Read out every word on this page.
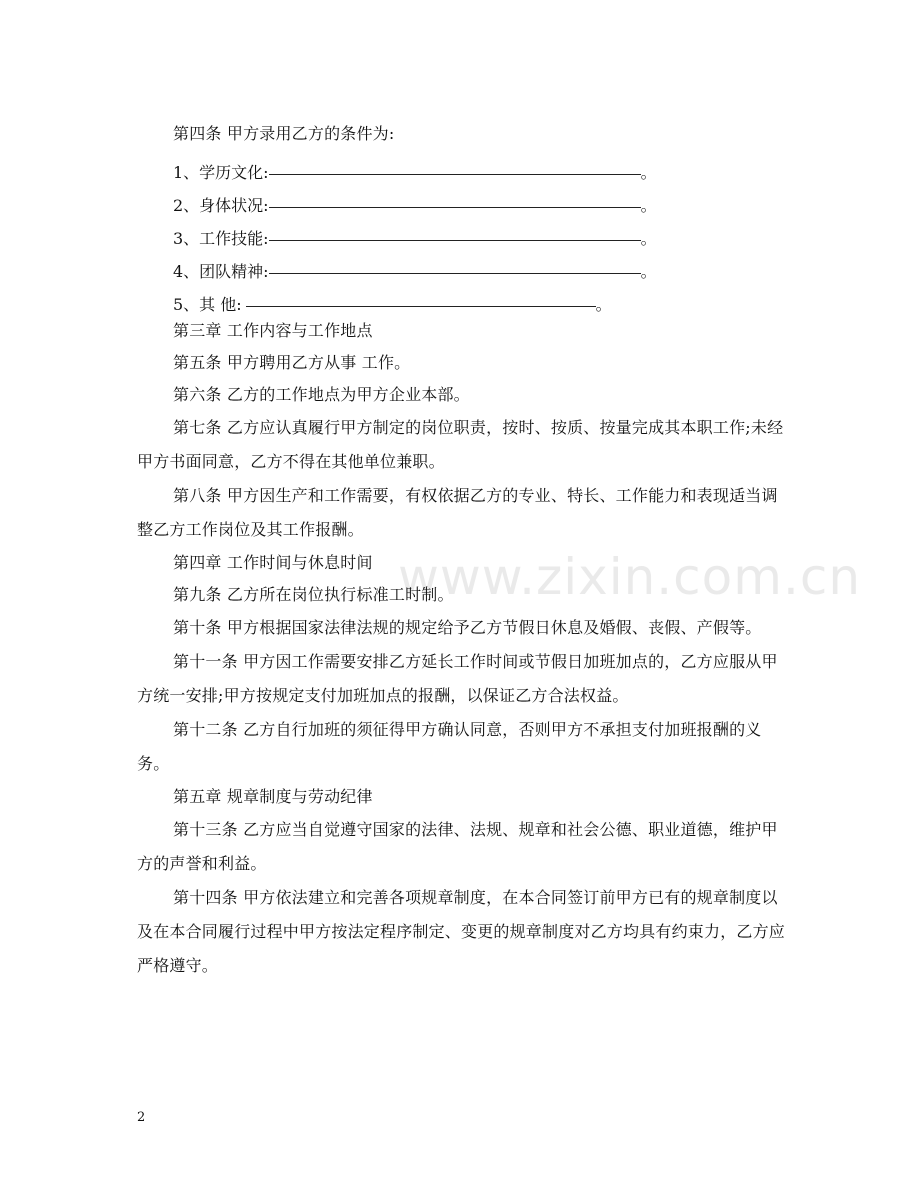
www.zixin.com.cn

第四条 甲方录用乙方的条件为:

1、学历文化:	。
2、身体状况:	。
3、工作技能:	。
4、团队精神:	。
5、其 他:	。

第三章 工作内容与工作地点

第五条 甲方聘用乙方从事 工作。

第六条 乙方的工作地点为甲方企业本部。

第七条 乙方应认真履行甲方制定的岗位职责，按时、按质、按量完成其本职工作;未经甲方书面同意，乙方不得在其他单位兼职。

第八条 甲方因生产和工作需要，有权依据乙方的专业、特长、工作能力和表现适当调整乙方工作岗位及其工作报酬。

第四章 工作时间与休息时间

第九条 乙方所在岗位执行标准工时制。

第十条 甲方根据国家法律法规的规定给予乙方节假日休息及婚假、丧假、产假等。

第十一条 甲方因工作需要安排乙方延长工作时间或节假日加班加点的，乙方应服从甲方统一安排;甲方按规定支付加班加点的报酬，以保证乙方合法权益。

第十二条 乙方自行加班的须征得甲方确认同意，否则甲方不承担支付加班报酬的义务。

第五章 规章制度与劳动纪律

第十三条 乙方应当自觉遵守国家的法律、法规、规章和社会公德、职业道德，维护甲方的声誉和利益。

第十四条 甲方依法建立和完善各项规章制度，在本合同签订前甲方已有的规章制度以及在本合同履行过程中甲方按法定程序制定、变更的规章制度对乙方均具有约束力，乙方应严格遵守。

2
